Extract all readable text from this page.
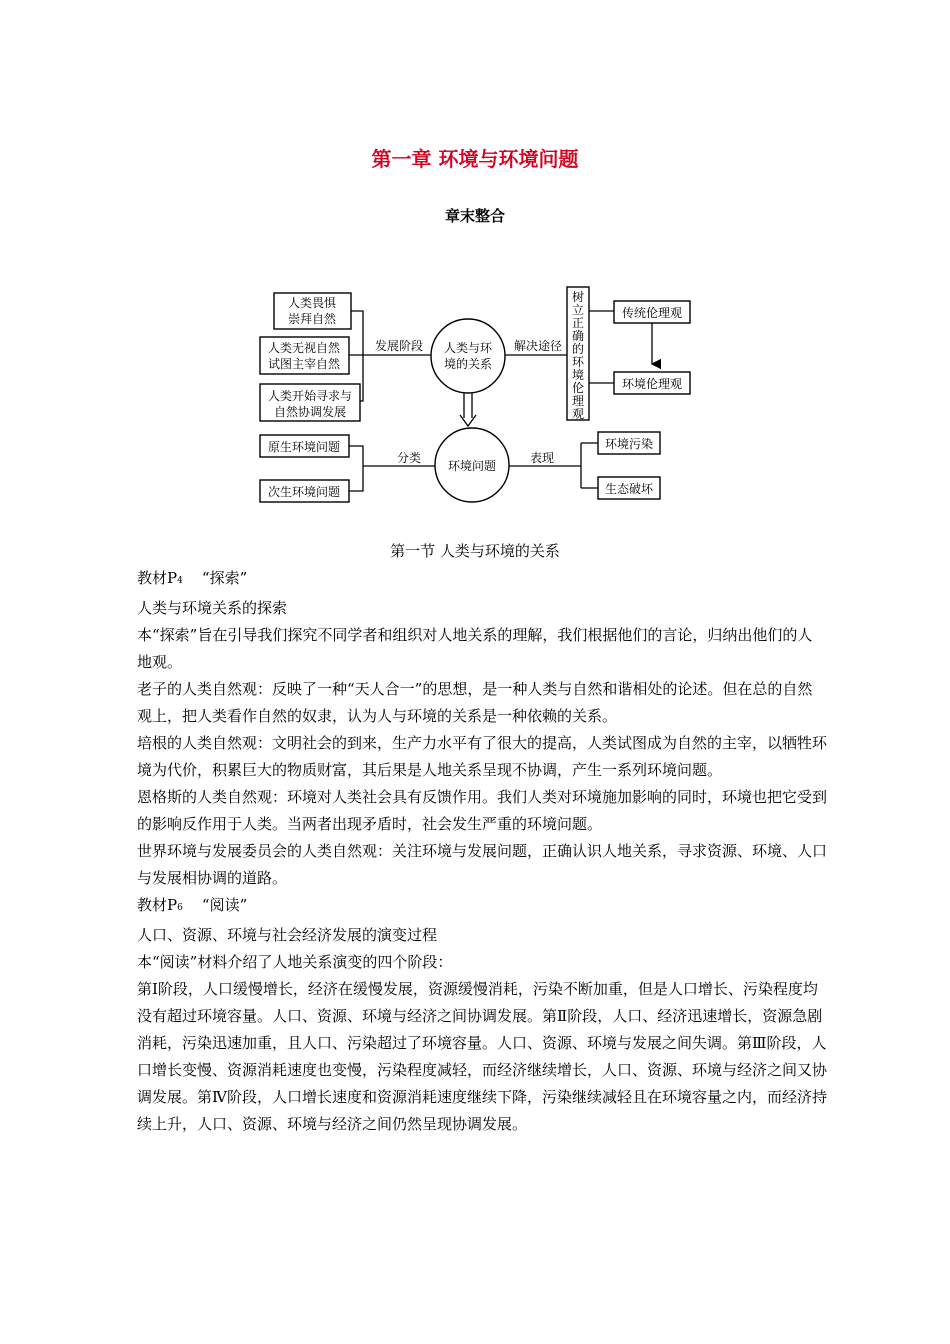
第一章 环境与环境问题
章末整合
人类畏惧
崇拜自然
人类无视自然
试图主宰自然
人类开始寻求与
自然协调发展
发展阶段 人类与环
境的关系
解决途径
树
立
正
确
的
环
境
伦
理
观
传统伦理观
环境伦理观
环境问题
分类
原生环境问题
次生环境问题
表现
环境污染
生态破坏
第一节 人类与环境的关系

教材P4    “探索”

人类与环境关系的探索

本“探索”旨在引导我们探究不同学者和组织对人地关系的理解，我们根据他们的言论，归纳出他们的人地观。

老子的人类自然观：反映了一种“天人合一”的思想，是一种人类与自然和谐相处的论述。但在总的自然观上，把人类看作自然的奴隶，认为人与环境的关系是一种依赖的关系。

培根的人类自然观：文明社会的到来，生产力水平有了很大的提高，人类试图成为自然的主宰，以牺牲环境为代价，积累巨大的物质财富，其后果是人地关系呈现不协调，产生一系列环境问题。

恩格斯的人类自然观：环境对人类社会具有反馈作用。我们人类对环境施加影响的同时，环境也把它受到的影响反作用于人类。当两者出现矛盾时，社会发生严重的环境问题。

世界环境与发展委员会的人类自然观：关注环境与发展问题，正确认识人地关系，寻求资源、环境、人口与发展相协调的道路。

教材P6    “阅读”

人口、资源、环境与社会经济发展的演变过程

本“阅读”材料介绍了人地关系演变的四个阶段：

第Ⅰ阶段，人口缓慢增长，经济在缓慢发展，资源缓慢消耗，污染不断加重，但是人口增长、污染程度均没有超过环境容量。人口、资源、环境与经济之间协调发展。第Ⅱ阶段，人口、经济迅速增长，资源急剧消耗，污染迅速加重，且人口、污染超过了环境容量。人口、资源、环境与发展之间失调。第Ⅲ阶段，人口增长变慢、资源消耗速度也变慢，污染程度减轻，而经济继续增长，人口、资源、环境与经济之间又协调发展。第Ⅳ阶段，人口增长速度和资源消耗速度继续下降，污染继续减轻且在环境容量之内，而经济持续上升，人口、资源、环境与经济之间仍然呈现协调发展。
